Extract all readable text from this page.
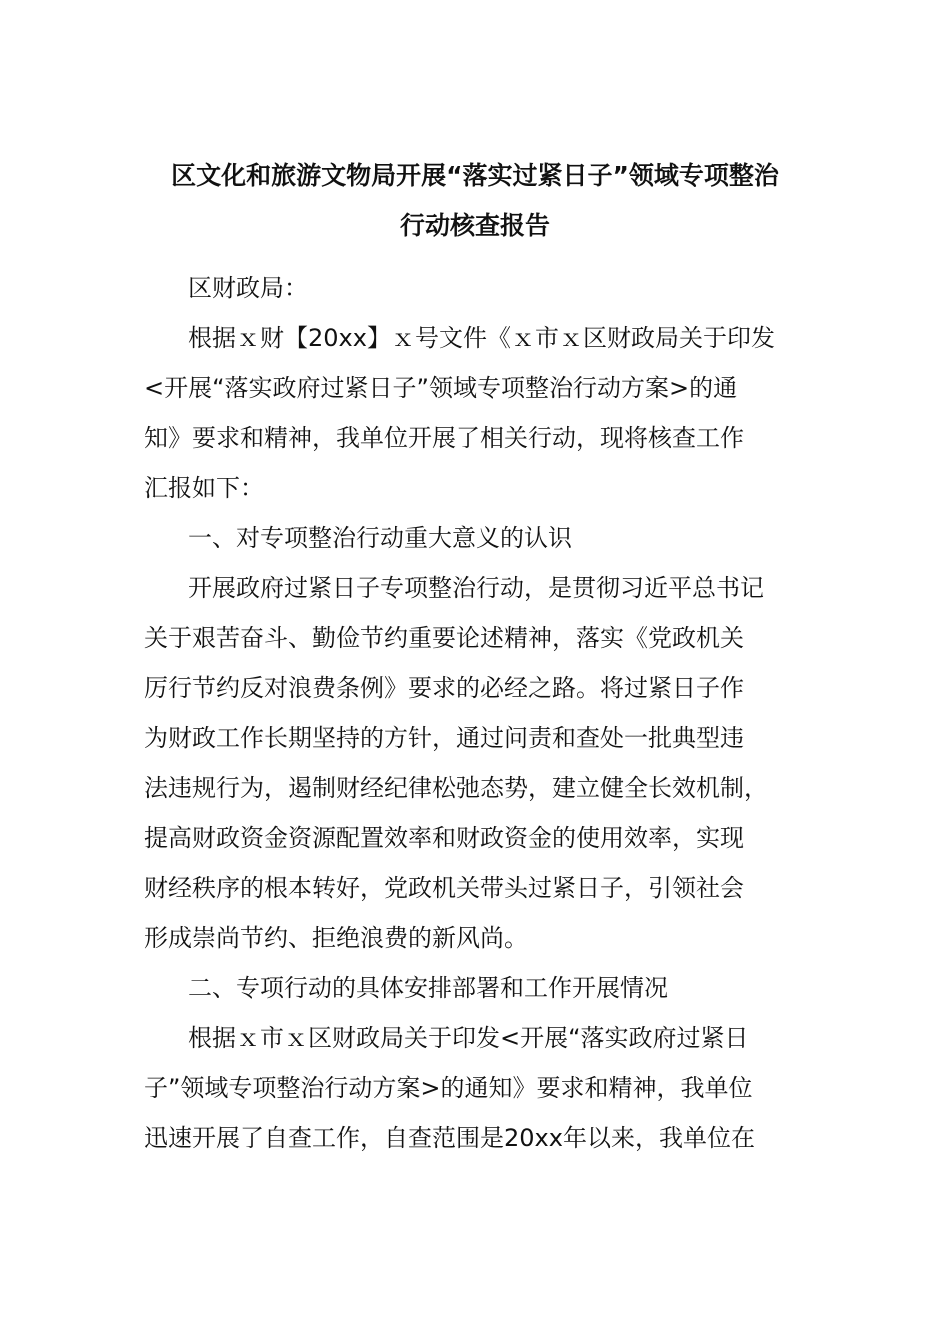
区文化和旅游文物局开展“落实过紧日子”领域专项整治
行动核查报告
区财政局：
根据ｘ财【20xx】ｘ号文件《ｘ市ｘ区财政局关于印发
<开展“落实政府过紧日子”领域专项整治行动方案>的通
知》要求和精神，我单位开展了相关行动，现将核查工作
汇报如下：
一、对专项整治行动重大意义的认识
开展政府过紧日子专项整治行动，是贯彻习近平总书记
关于艰苦奋斗、勤俭节约重要论述精神，落实《党政机关
厉行节约反对浪费条例》要求的必经之路。将过紧日子作
为财政工作长期坚持的方针，通过问责和查处一批典型违
法违规行为，遏制财经纪律松弛态势，建立健全长效机制，
提高财政资金资源配置效率和财政资金的使用效率，实现
财经秩序的根本转好，党政机关带头过紧日子，引领社会
形成崇尚节约、拒绝浪费的新风尚。
二、专项行动的具体安排部署和工作开展情况
根据ｘ市ｘ区财政局关于印发<开展“落实政府过紧日
子”领域专项整治行动方案>的通知》要求和精神，我单位
迅速开展了自查工作，自查范围是20xx年以来，我单位在
